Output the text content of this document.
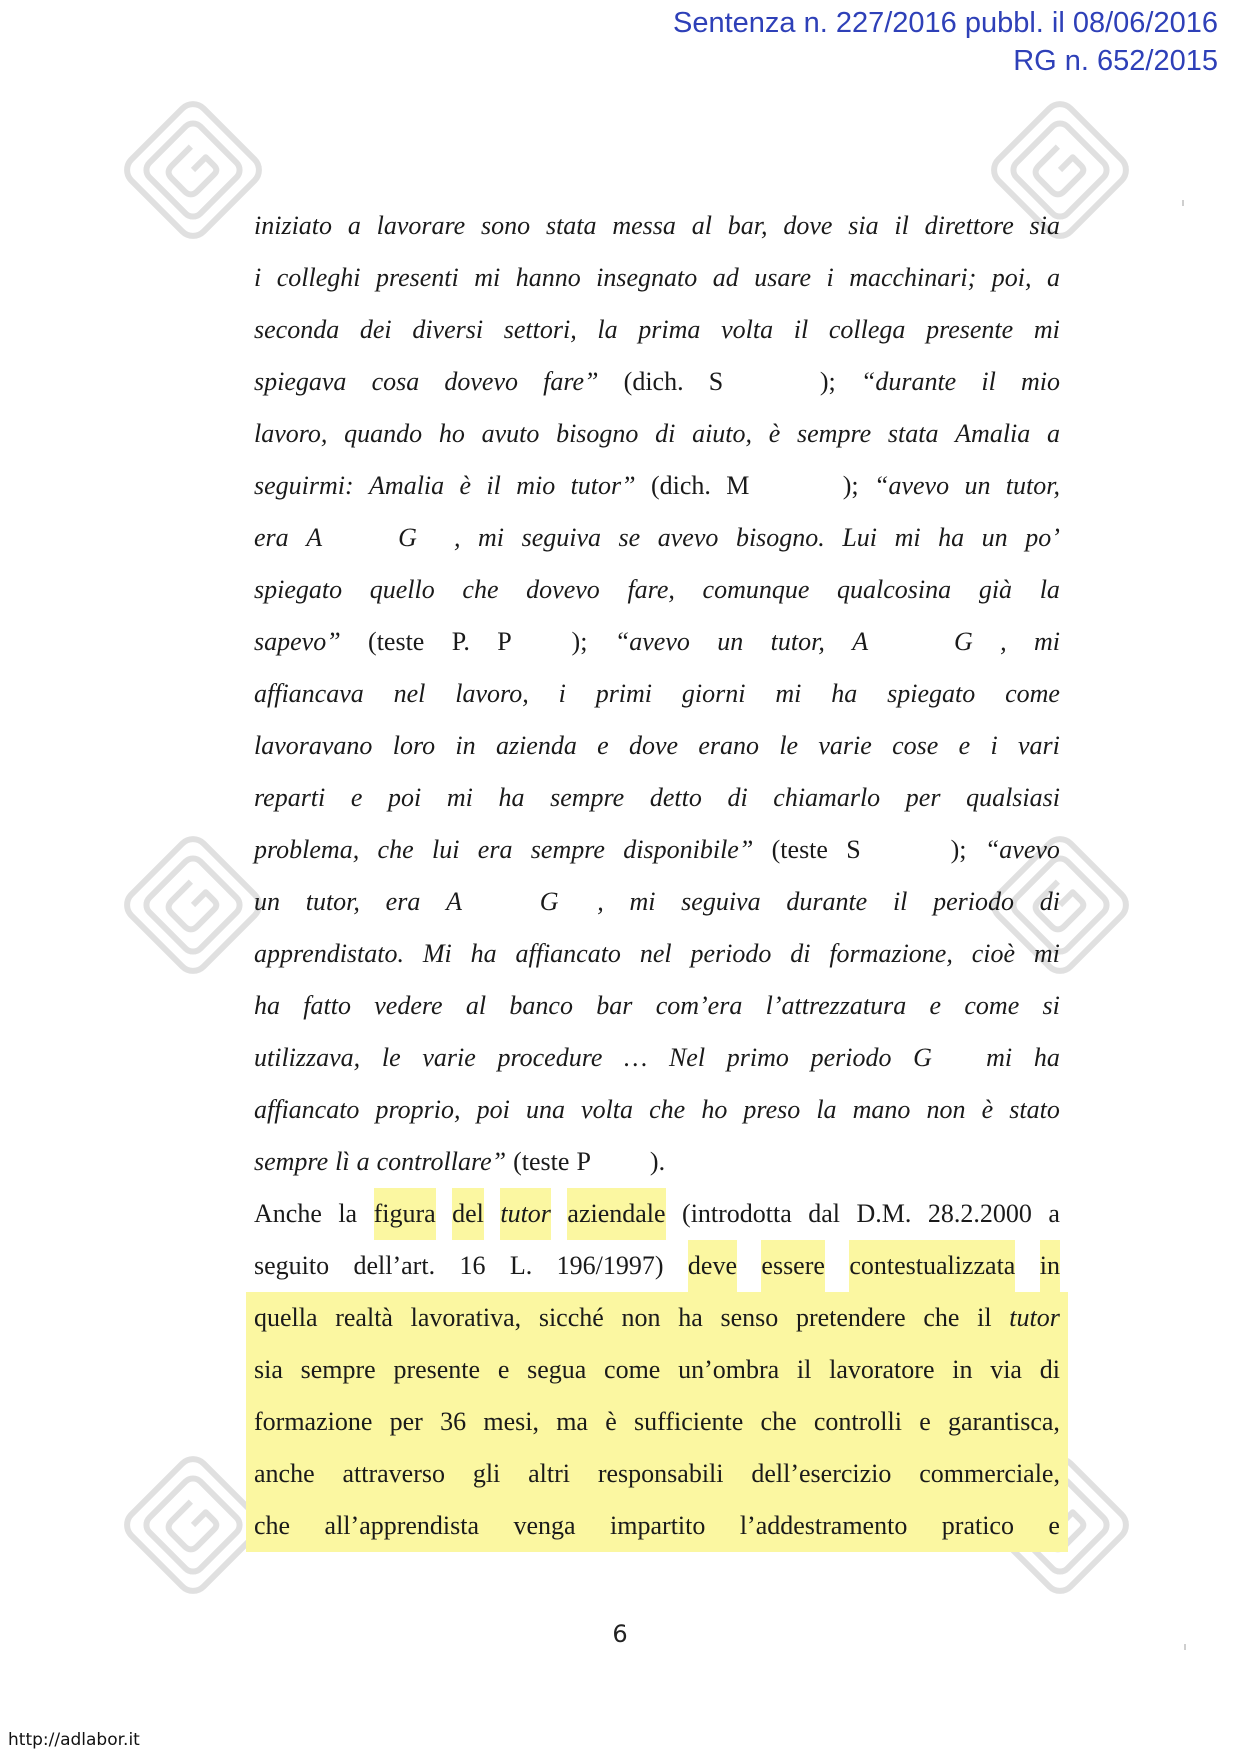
Sentenza n. 227/2016 pubbl. il 08/06/2016
RG n. 652/2015
iniziato a lavorare sono stata messa al bar, dove sia il direttore sia
i colleghi presenti mi hanno insegnato ad usare i macchinari; poi, a
seconda dei diversi settori, la prima volta il collega presente mi
spiegava cosa dovevo fare” (dich. S ); “durante il mio
lavoro, quando ho avuto bisogno di aiuto, è sempre stata Amalia a
seguirmi: Amalia è il mio tutor” (dich. M ); “avevo un tutor,
era A G , mi seguiva se avevo bisogno. Lui mi ha un po’
spiegato quello che dovevo fare, comunque qualcosina già la
sapevo” (teste P. P ); “avevo un tutor, A G , mi
affiancava nel lavoro, i primi giorni mi ha spiegato come
lavoravano loro in azienda e dove erano le varie cose e i vari
reparti e poi mi ha sempre detto di chiamarlo per qualsiasi
problema, che lui era sempre disponibile” (teste S ); “avevo
un tutor, era A G , mi seguiva durante il periodo di
apprendistato. Mi ha affiancato nel periodo di formazione, cioè mi
ha fatto vedere al banco bar com’era l’attrezzatura e come si
utilizzava, le varie procedure … Nel primo periodo G mi ha
affiancato proprio, poi una volta che ho preso la mano non è stato
sempre lì a controllare” (teste P ).
Anche la figura del tutor aziendale (introdotta dal D.M. 28.2.2000 a
seguito dell’art. 16 L. 196/1997) deve essere contestualizzata in
quella realtà lavorativa, sicché non ha senso pretendere che il tutor
sia sempre presente e segua come un’ombra il lavoratore in via di
formazione per 36 mesi, ma è sufficiente che controlli e garantisca,
anche attraverso gli altri responsabili dell’esercizio commerciale,
che all’apprendista venga impartito l’addestramento pratico e
6
http://adlabor.it
